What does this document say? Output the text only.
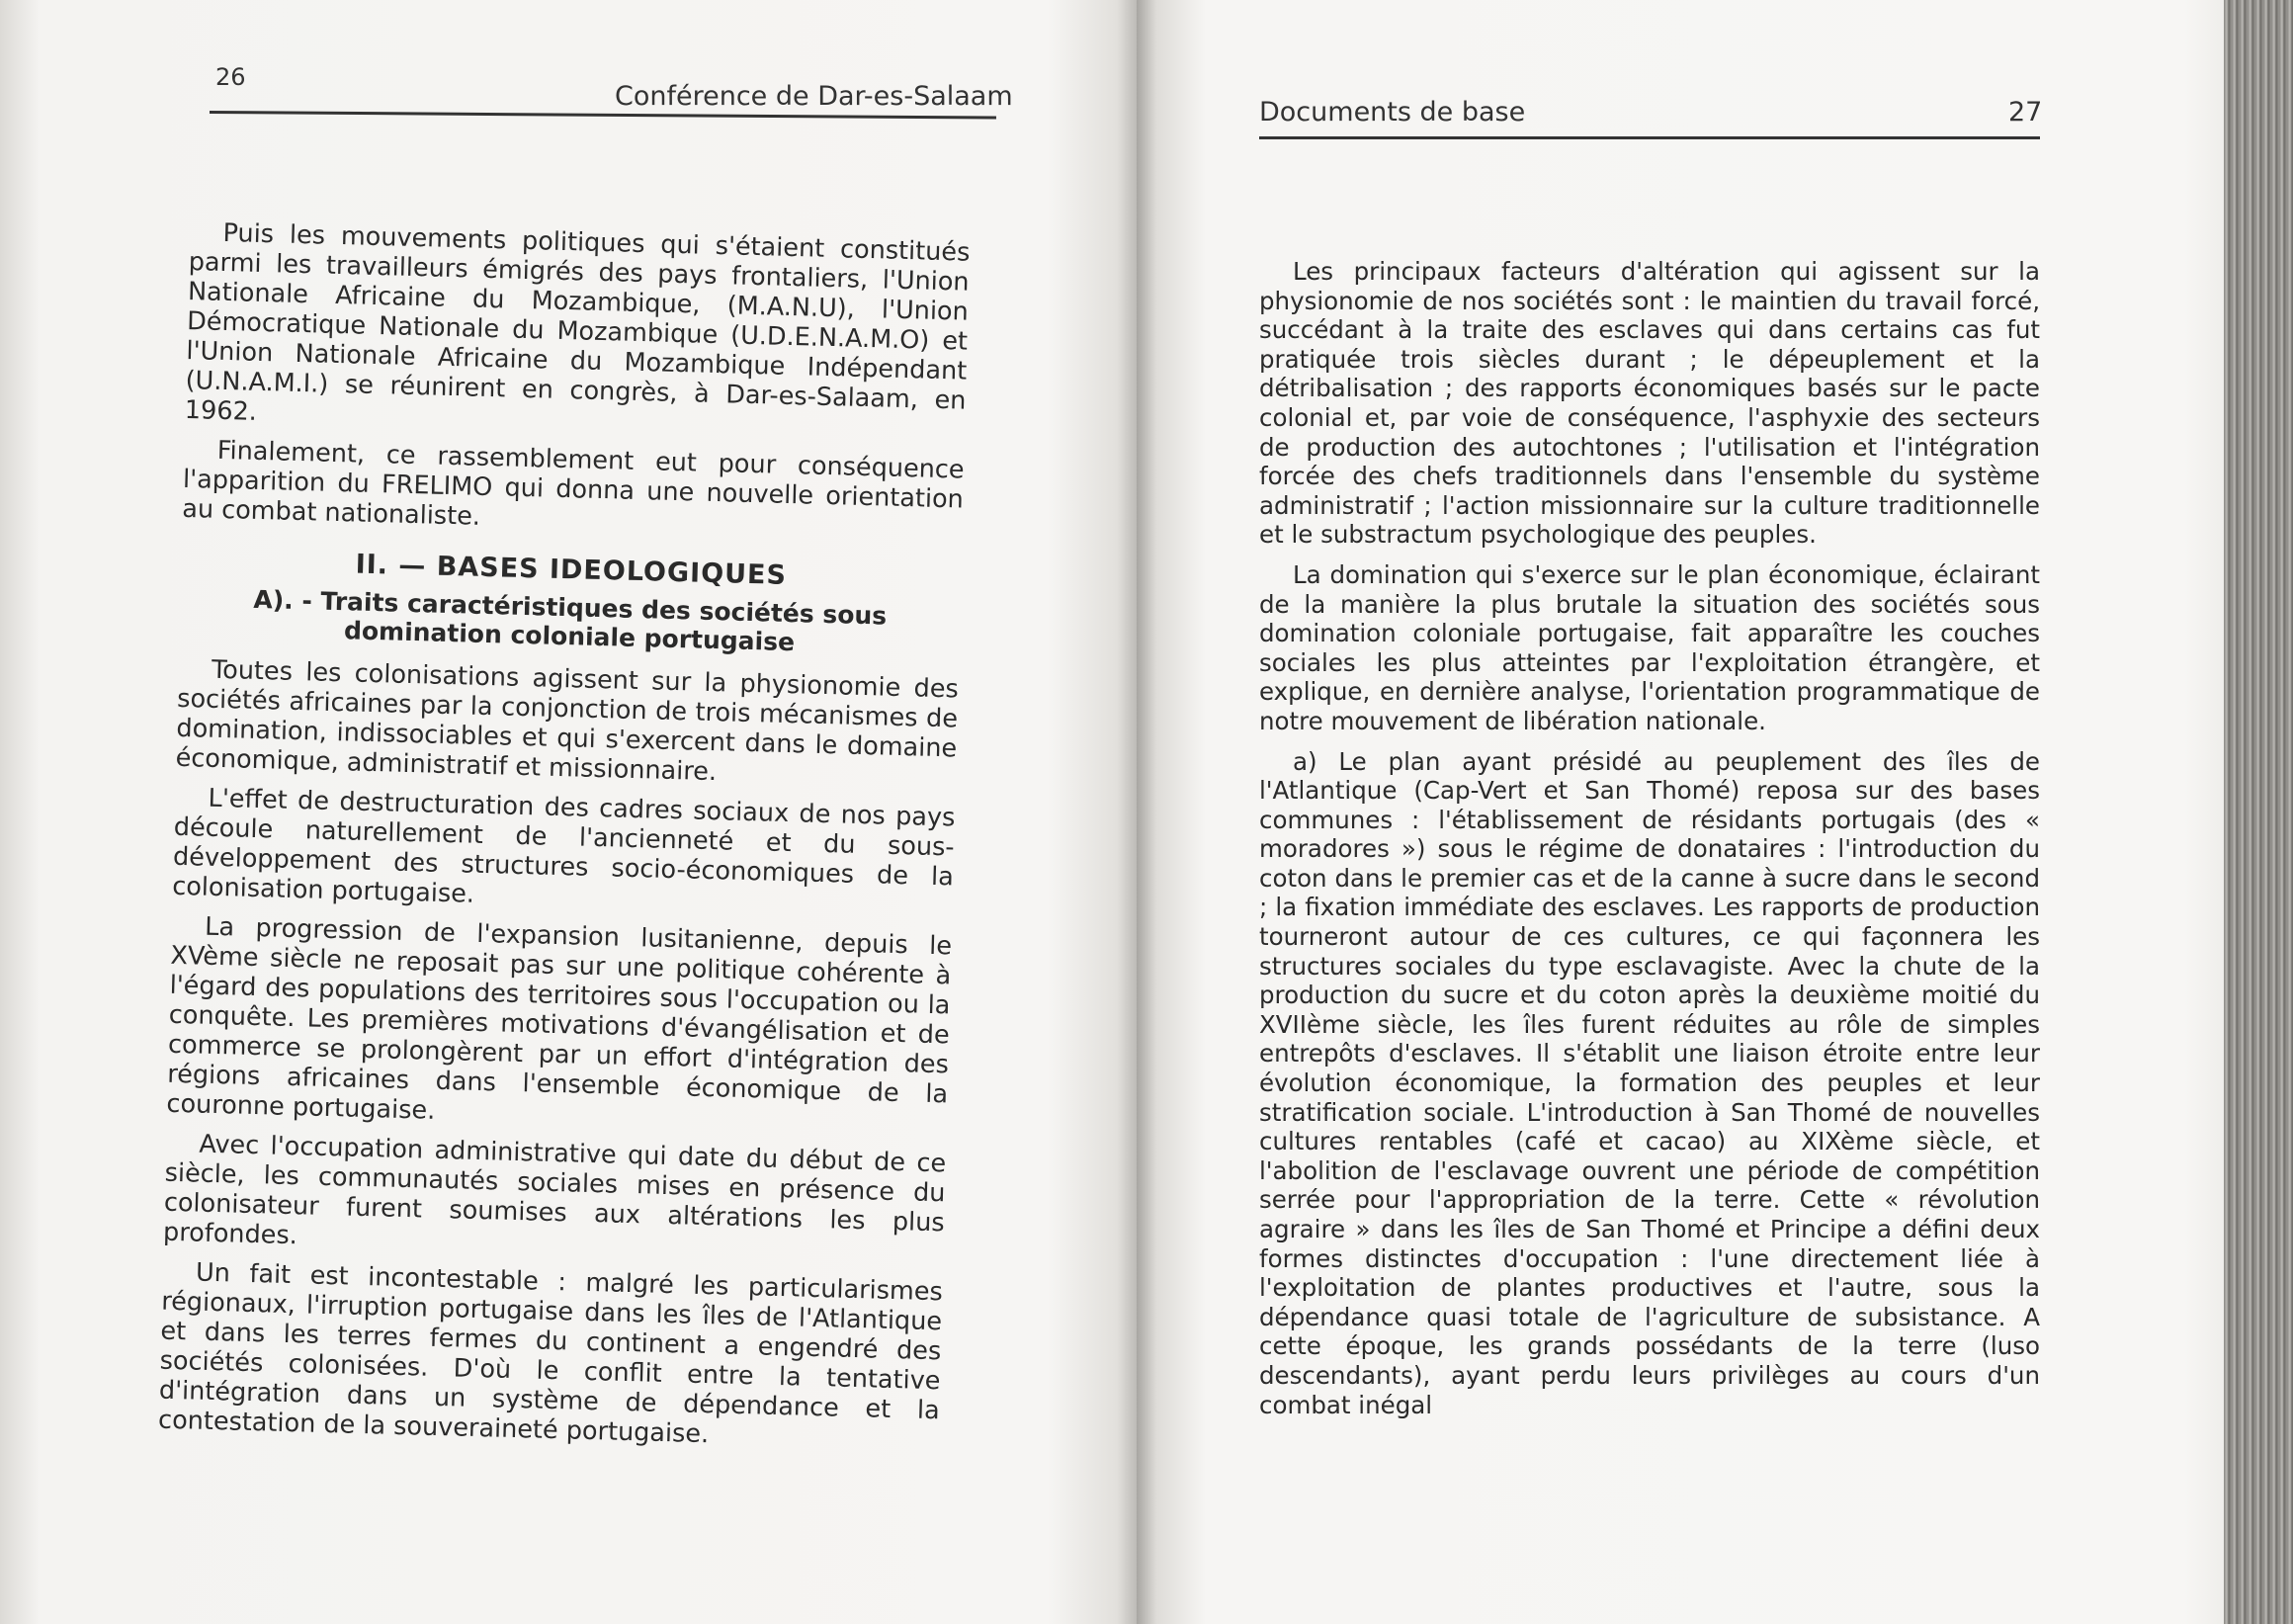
26
Conférence de Dar-es-Salaam

Puis les mouvements politiques qui s'étaient constitués parmi les travailleurs émigrés des pays frontaliers, l'Union Nationale Africaine du Mozambique, (M.A.N.U), l'Union Démocratique Nationale du Mozambique (U.D.E.N.A.M.O) et l'Union Nationale Africaine du Mozambique Indépendant (U.N.A.M.I.) se réunirent en congrès, à Dar-es-Salaam, en 1962.

Finalement, ce rassemblement eut pour conséquence l'apparition du FRELIMO qui donna une nouvelle orientation au combat nationaliste.

II. — BASES IDEOLOGIQUES
A). - Traits caractéristiques des sociétés sous domination coloniale portugaise

Toutes les colonisations agissent sur la physionomie des sociétés africaines par la conjonction de trois mécanismes de domination, indissociables et qui s'exercent dans le domaine économique, administratif et missionnaire.

L'effet de destructuration des cadres sociaux de nos pays découle naturellement de l'ancienneté et du sous-développement des structures socio-économiques de la colonisation portugaise.

La progression de l'expansion lusitanienne, depuis le XVème siècle ne reposait pas sur une politique cohérente à l'égard des populations des territoires sous l'occupation ou la conquête. Les premières motivations d'évangélisation et de commerce se prolongèrent par un effort d'intégration des régions africaines dans l'ensemble économique de la couronne portugaise.

Avec l'occupation administrative qui date du début de ce siècle, les communautés sociales mises en présence du colonisateur furent soumises aux altérations les plus profondes.

Un fait est incontestable : malgré les particularismes régionaux, l'irruption portugaise dans les îles de l'Atlantique et dans les terres fermes du continent a engendré des sociétés colonisées. D'où le conflit entre la tentative d'intégration dans un système de dépendance et la contestation de la souveraineté portugaise.

Documents de base	27

Les principaux facteurs d'altération qui agissent sur la physionomie de nos sociétés sont : le maintien du travail forcé, succédant à la traite des esclaves qui dans certains cas fut pratiquée trois siècles durant ; le dépeuplement et la détribalisation ; des rapports économiques basés sur le pacte colonial et, par voie de conséquence, l'asphyxie des secteurs de production des autochtones ; l'utilisation et l'intégration forcée des chefs traditionnels dans l'ensemble du système administratif ; l'action missionnaire sur la culture traditionnelle et le substractum psychologique des peuples.

La domination qui s'exerce sur le plan économique, éclairant de la manière la plus brutale la situation des sociétés sous domination coloniale portugaise, fait apparaître les couches sociales les plus atteintes par l'exploitation étrangère, et explique, en dernière analyse, l'orientation programmatique de notre mouvement de libération nationale.

a) Le plan ayant présidé au peuplement des îles de l'Atlantique (Cap-Vert et San Thomé) reposa sur des bases communes : l'établissement de résidants portugais (des « moradores ») sous le régime de donataires : l'introduction du coton dans le premier cas et de la canne à sucre dans le second ; la fixation immédiate des esclaves. Les rapports de production tourneront autour de ces cultures, ce qui façonnera les structures sociales du type esclavagiste. Avec la chute de la production du sucre et du coton après la deuxième moitié du XVIIème siècle, les îles furent réduites au rôle de simples entrepôts d'esclaves. Il s'établit une liaison étroite entre leur évolution économique, la formation des peuples et leur stratification sociale. L'introduction à San Thomé de nouvelles cultures rentables (café et cacao) au XIXème siècle, et l'abolition de l'esclavage ouvrent une période de compétition serrée pour l'appropriation de la terre. Cette « révolution agraire » dans les îles de San Thomé et Principe a défini deux formes distinctes d'occupation : l'une directement liée à l'exploitation de plantes productives et l'autre, sous la dépendance quasi totale de l'agriculture de subsistance. A cette époque, les grands possédants de la terre (luso descendants), ayant perdu leurs privilèges au cours d'un combat inégal
